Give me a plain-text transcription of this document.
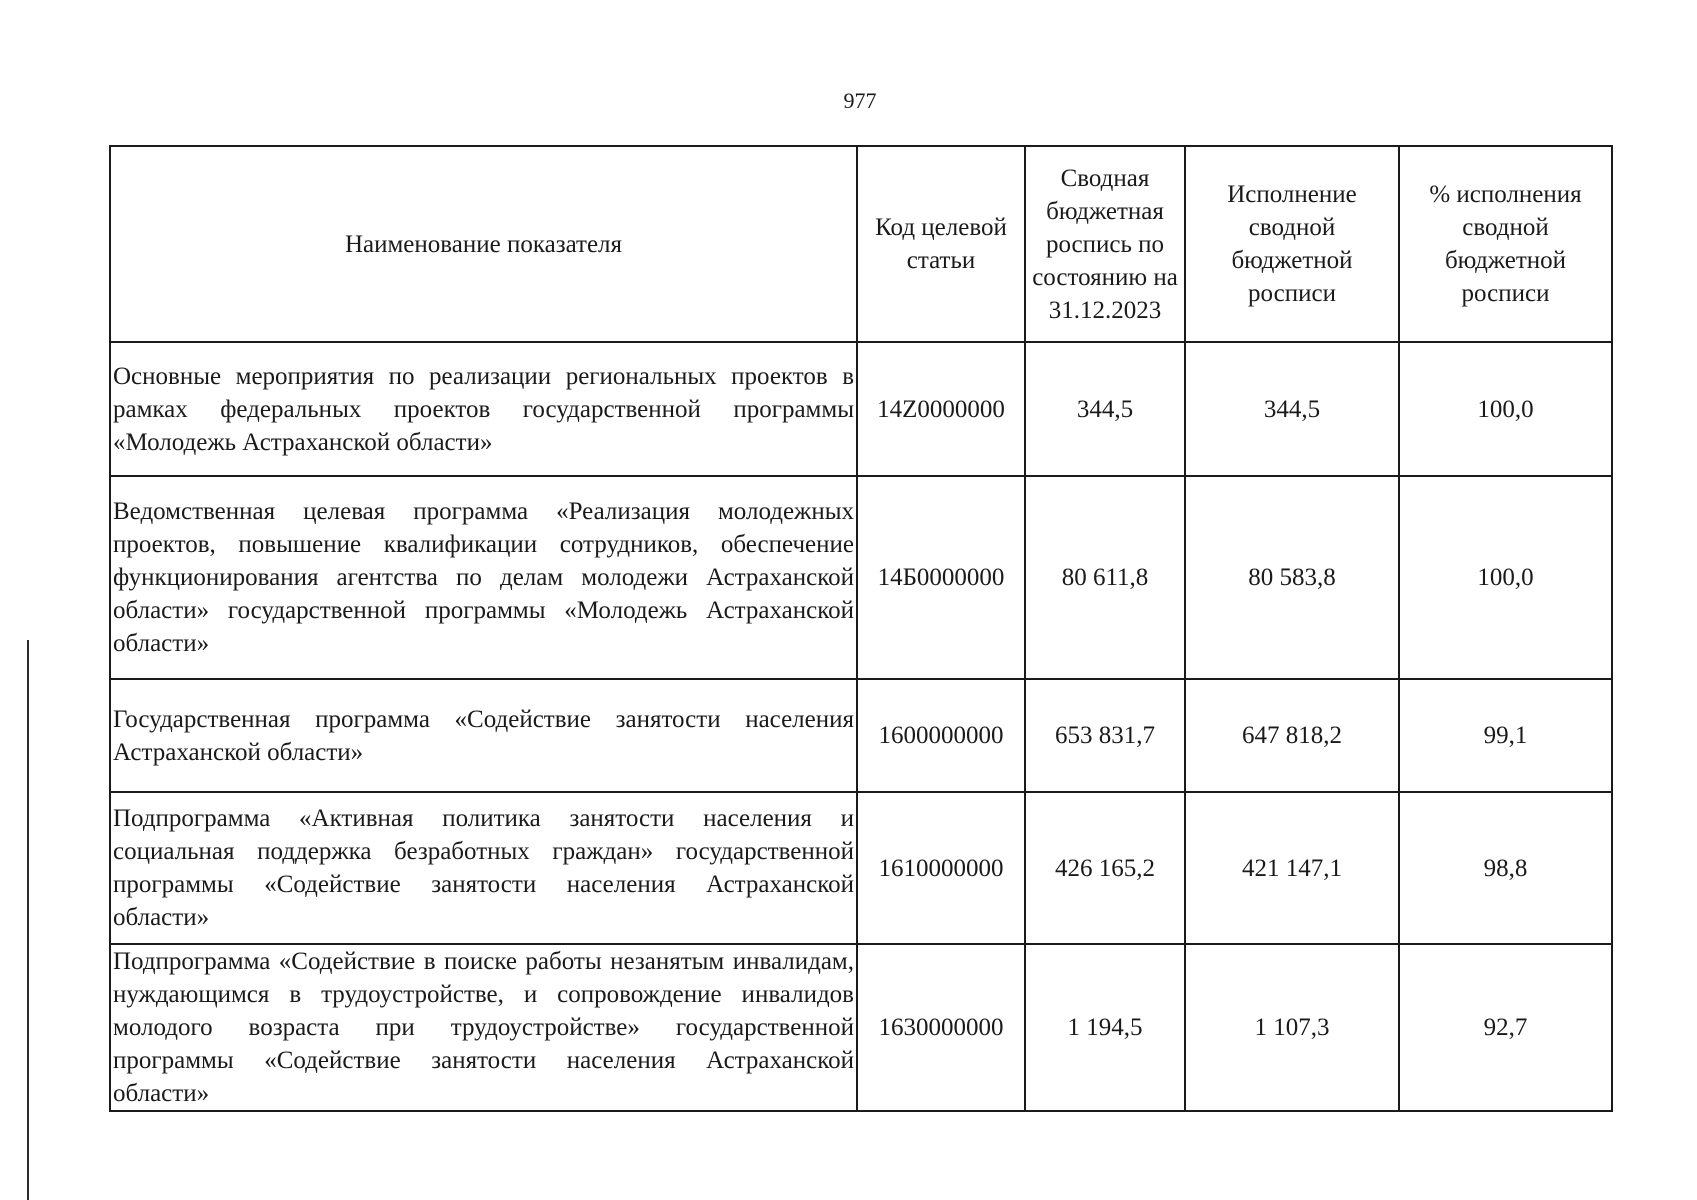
977
Наименование показателя	Код целевой статьи	Сводная бюджетная роспись по состоянию на 31.12.2023	Исполнение сводной бюджетной росписи	% исполнения сводной бюджетной росписи
Основные мероприятия по реализации региональных проектов в рамках федеральных проектов государственной программы «Молодежь Астраханской области»	14Z0000000	344,5	344,5	100,0
Ведомственная целевая программа «Реализация молодежных проектов, повышение квалификации сотрудников, обеспечение функционирования агентства по делам молодежи Астраханской области» государственной программы «Молодежь Астраханской области»	14Б0000000	80 611,8	80 583,8	100,0
Государственная программа «Содействие занятости населения Астраханской области»	1600000000	653 831,7	647 818,2	99,1
Подпрограмма «Активная политика занятости населения и социальная поддержка безработных граждан» государственной программы «Содействие занятости населения Астраханской области»	1610000000	426 165,2	421 147,1	98,8
Подпрограмма «Содействие в поиске работы незанятым инвалидам, нуждающимся в трудоустройстве, и сопровождение инвалидов молодого возраста при трудоустройстве» государственной программы «Содействие занятости населения Астраханской области»	1630000000	1 194,5	1 107,3	92,7
